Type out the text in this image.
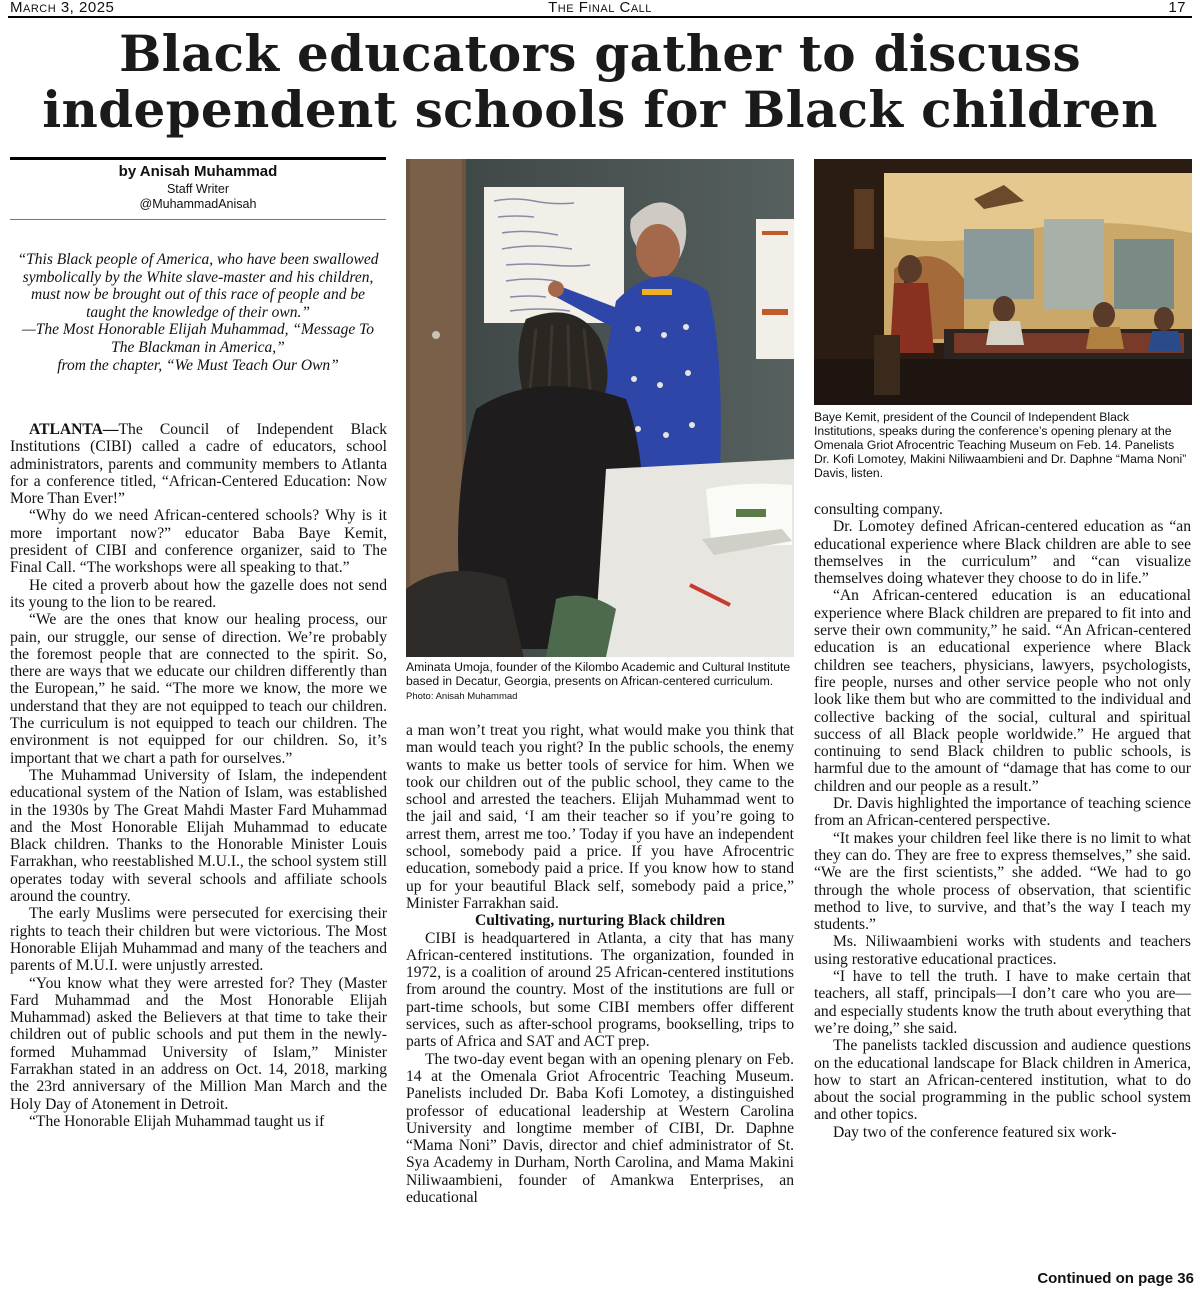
March 3, 2025	The Final Call	17
Black educators gather to discuss
independent schools for Black children
by Anisah Muhammad
Staff Writer
@MuhammadAnisah
“This Black people of America, who have been swallowed symbolically by the White slave-master and his children, must now be brought out of this race of people and be taught the knowledge of their own.”
—The Most Honorable Elijah Muhammad, “Message To The Blackman in America,”
from the chapter, “We Must Teach Our Own”

ATLANTA—The Council of Independent Black Institutions (CIBI) called a cadre of educators, school administrators, parents and community members to Atlanta for a conference titled, “African-Centered Education: Now More Than Ever!”

“Why do we need African-centered schools? Why is it more important now?” educator Baba Baye Kemit, president of CIBI and conference organizer, said to The Final Call. “The workshops were all speaking to that.”

He cited a proverb about how the gazelle does not send its young to the lion to be reared.

“We are the ones that know our healing process, our pain, our struggle, our sense of direction. We’re probably the foremost people that are connected to the spirit. So, there are ways that we educate our children differently than the European,” he said. “The more we know, the more we understand that they are not equipped to teach our children. The curriculum is not equipped to teach our children. The environment is not equipped for our children. So, it’s important that we chart a path for ourselves.”

The Muhammad University of Islam, the independent educational system of the Nation of Islam, was established in the 1930s by The Great Mahdi Master Fard Muhammad and the Most Honorable Elijah Muhammad to educate Black children. Thanks to the Honorable Minister Louis Farrakhan, who reestablished M.U.I., the school system still operates today with several schools and affiliate schools around the country.

The early Muslims were persecuted for exercising their rights to teach their children but were victorious. The Most Honorable Elijah Muhammad and many of the teachers and parents of M.U.I. were unjustly arrested.

“You know what they were arrested for? They (Master Fard Muhammad and the Most Honorable Elijah Muhammad) asked the Believers at that time to take their children out of public schools and put them in the newly-formed Muhammad University of Islam,” Minister Farrakhan stated in an address on Oct. 14, 2018, marking the 23rd anniversary of the Million Man March and the Holy Day of Atonement in Detroit.

“The Honorable Elijah Muhammad taught us if

Aminata Umoja, founder of the Kilombo Academic and Cultural Institute based in Decatur, Georgia, presents on African-centered curriculum. Photo: Anisah Muhammad

a man won’t treat you right, what would make you think that man would teach you right? In the public schools, the enemy wants to make us better tools of service for him. When we took our children out of the public school, they came to the school and arrested the teachers. Elijah Muhammad went to the jail and said, ‘I am their teacher so if you’re going to arrest them, arrest me too.’ Today if you have an independent school, somebody paid a price. If you have Afrocentric education, somebody paid a price. If you know how to stand up for your beautiful Black self, somebody paid a price,” Minister Farrakhan said.

Cultivating, nurturing Black children

CIBI is headquartered in Atlanta, a city that has many African-centered institutions. The organization, founded in 1972, is a coalition of around 25 African-centered institutions from around the country. Most of the institutions are full or part-time schools, but some CIBI members offer different services, such as after-school programs, bookselling, trips to parts of Africa and SAT and ACT prep.

The two-day event began with an opening plenary on Feb. 14 at the Omenala Griot Afrocentric Teaching Museum. Panelists included Dr. Baba Kofi Lomotey, a distinguished professor of educational leadership at Western Carolina University and longtime member of CIBI, Dr. Daphne “Mama Noni” Davis, director and chief administrator of St. Sya Academy in Durham, North Carolina, and Mama Makini Niliwaambieni, founder of Amankwa Enterprises, an educational

Baye Kemit, president of the Council of Independent Black Institutions, speaks during the conference’s opening plenary at the Omenala Griot Afrocentric Teaching Museum on Feb. 14. Panelists Dr. Kofi Lomotey, Makini Niliwaambieni and Dr. Daphne “Mama Noni” Davis, listen.

consulting company.

Dr. Lomotey defined African-centered education as “an educational experience where Black children are able to see themselves in the curriculum” and “can visualize themselves doing whatever they choose to do in life.”

“An African-centered education is an educational experience where Black children are prepared to fit into and serve their own community,” he said. “An African-centered education is an educational experience where Black children see teachers, physicians, lawyers, psychologists, fire people, nurses and other service people who not only look like them but who are committed to the individual and collective backing of the social, cultural and spiritual success of all Black people worldwide.” He argued that continuing to send Black children to public schools, is harmful due to the amount of “damage that has come to our children and our people as a result.”

Dr. Davis highlighted the importance of teaching science from an African-centered perspective.

“It makes your children feel like there is no limit to what they can do. They are free to express themselves,” she said. “We are the first scientists,” she added. “We had to go through the whole process of observation, that scientific method to live, to survive, and that’s the way I teach my students.”

Ms. Niliwaambieni works with students and teachers using restorative educational practices.

“I have to tell the truth. I have to make certain that teachers, all staff, principals—I don’t care who you are—and especially students know the truth about everything that we’re doing,” she said.

The panelists tackled discussion and audience questions on the educational landscape for Black children in America, how to start an African-centered institution, what to do about the social programming in the public school system and other topics.

Day two of the conference featured six work-

Continued on page 36
